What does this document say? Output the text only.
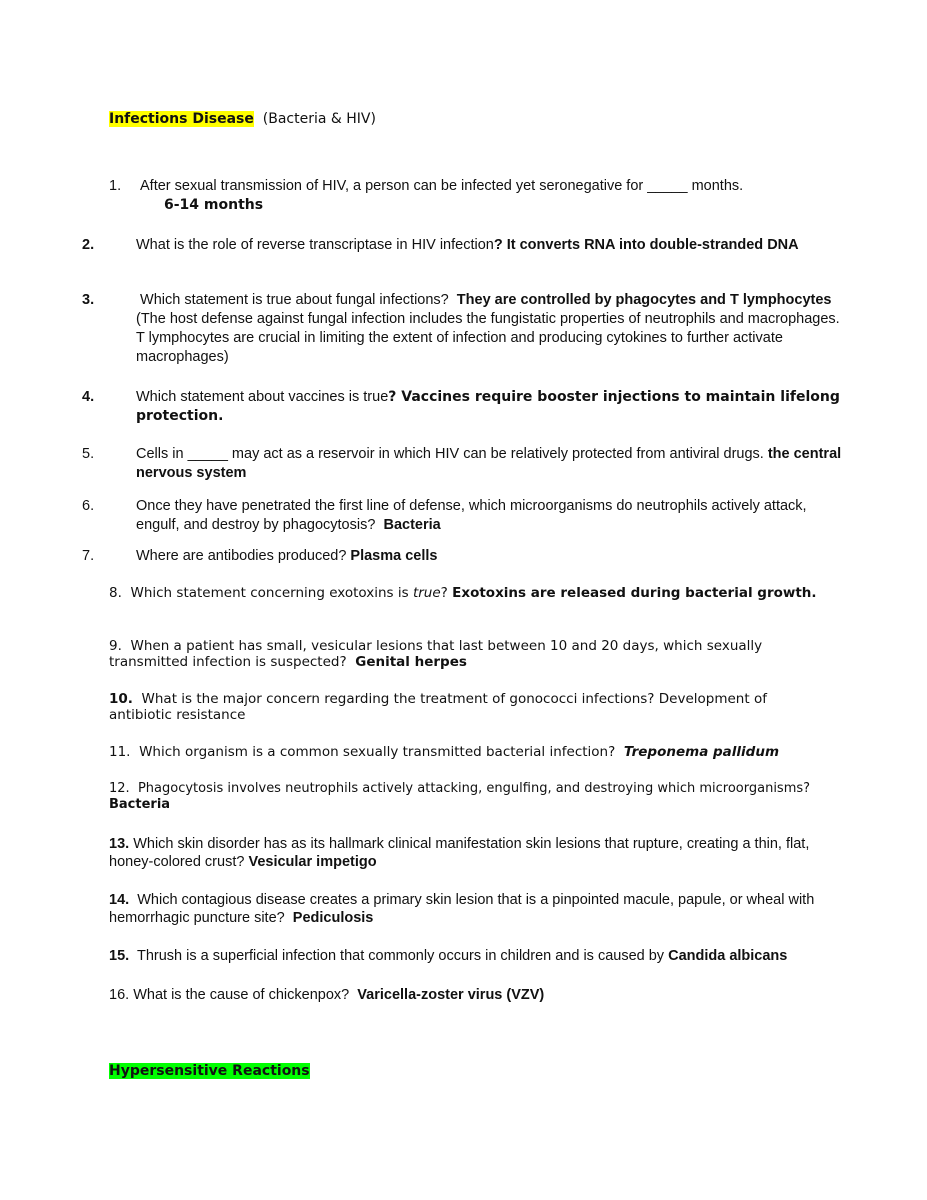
Infections Disease (Bacteria & HIV)
1. After sexual transmission of HIV, a person can be infected yet seronegative for _____ months.
6-14 months
2.	What is the role of reverse transcriptase in HIV infection? It converts RNA into double-stranded DNA
3.	Which statement is true about fungal infections? They are controlled by phagocytes and T lymphocytes (The host defense against fungal infection includes the fungistatic properties of neutrophils and macrophages. T lymphocytes are crucial in limiting the extent of infection and producing cytokines to further activate macrophages)
4.	Which statement about vaccines is true? Vaccines require booster injections to maintain lifelong protection.
5.	Cells in _____ may act as a reservoir in which HIV can be relatively protected from antiviral drugs. the central nervous system
6.	Once they have penetrated the first line of defense, which microorganisms do neutrophils actively attack, engulf, and destroy by phagocytosis? Bacteria
7.	Where are antibodies produced? Plasma cells
8. Which statement concerning exotoxins is true? Exotoxins are released during bacterial growth.
9. When a patient has small, vesicular lesions that last between 10 and 20 days, which sexually transmitted infection is suspected? Genital herpes
10. What is the major concern regarding the treatment of gonococci infections? Development of antibiotic resistance
11. Which organism is a common sexually transmitted bacterial infection? Treponema pallidum
12. Phagocytosis involves neutrophils actively attacking, engulfing, and destroying which microorganisms? Bacteria
13. Which skin disorder has as its hallmark clinical manifestation skin lesions that rupture, creating a thin, flat, honey-colored crust? Vesicular impetigo
14. Which contagious disease creates a primary skin lesion that is a pinpointed macule, papule, or wheal with hemorrhagic puncture site? Pediculosis
15. Thrush is a superficial infection that commonly occurs in children and is caused by Candida albicans
16. What is the cause of chickenpox? Varicella-zoster virus (VZV)
Hypersensitive Reactions
